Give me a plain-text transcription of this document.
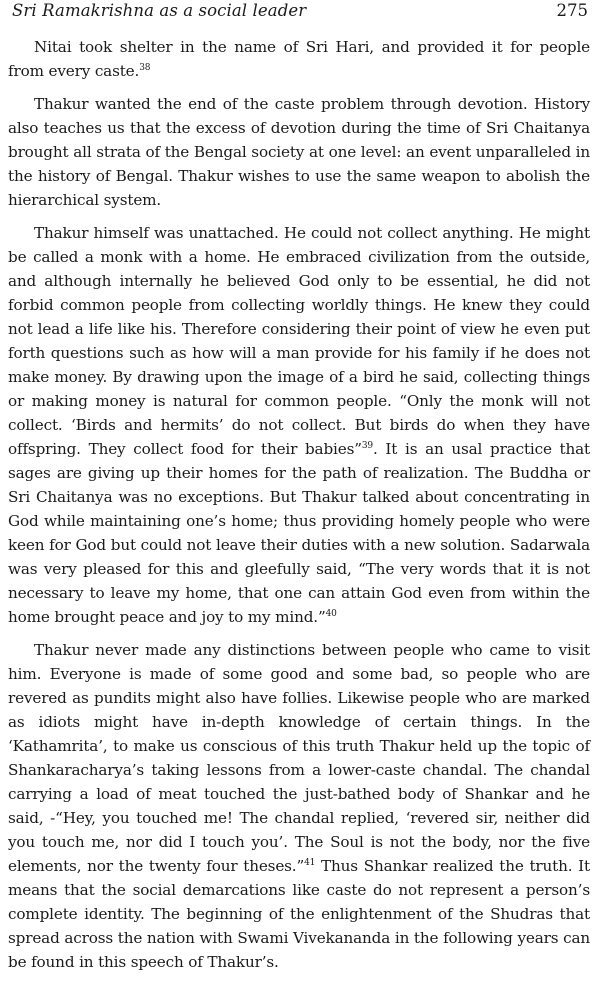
Sri Ramakrishna as a social leader	275

Nitai took shelter in the name of Sri Hari, and provided it for people from every caste.$^{38}$

Thakur wanted the end of the caste problem through devotion. History also teaches us that the excess of devotion during the time of Sri Chaitanya brought all strata of the Bengal society at one level: an event unparalleled in the history of Bengal. Thakur wishes to use the same weapon to abolish the hierarchical system.

Thakur himself was unattached. He could not collect anything. He might be called a monk with a home. He embraced civilization from the outside, and although internally he believed God only to be essential, he did not forbid common people from collecting worldly things. He knew they could not lead a life like his. Therefore considering their point of view he even put forth questions such as how will a man provide for his family if he does not make money. By drawing upon the image of a bird he said, collecting things or making money is natural for common people. “Only the monk will not collect. ‘Birds and hermits’ do not collect. But birds do when they have offspring. They collect food for their babies”$^{39}$. It is an usal practice that sages are giving up their homes for the path of realization. The Buddha or Sri Chaitanya was no exceptions. But Thakur talked about concentrating in God while maintaining one’s home; thus providing homely people who were keen for God but could not leave their duties with a new solution. Sadarwala was very pleased for this and gleefully said, “The very words that it is not necessary to leave my home, that one can attain God even from within the home brought peace and joy to my mind.”$^{40}$

Thakur never made any distinctions between people who came to visit him. Everyone is made of some good and some bad, so people who are revered as pundits might also have follies. Likewise people who are marked as idiots might have in-depth knowledge of certain things. In the ‘Kathamrita’, to make us conscious of this truth Thakur held up the topic of Shankaracharya’s taking lessons from a lower-caste chandal. The chandal carrying a load of meat touched the just-bathed body of Shankar and he said, -“Hey, you touched me! The chandal replied, ‘revered sir, neither did you touch me, nor did I touch you’. The Soul is not the body, nor the five elements, nor the twenty four theses.”$^{41}$ Thus Shankar realized the truth. It means that the social demarcations like caste do not represent a person’s complete identity. The beginning of the enlightenment of the Shudras that spread across the nation with Swami Vivekananda in the following years can be found in this speech of Thakur’s.
